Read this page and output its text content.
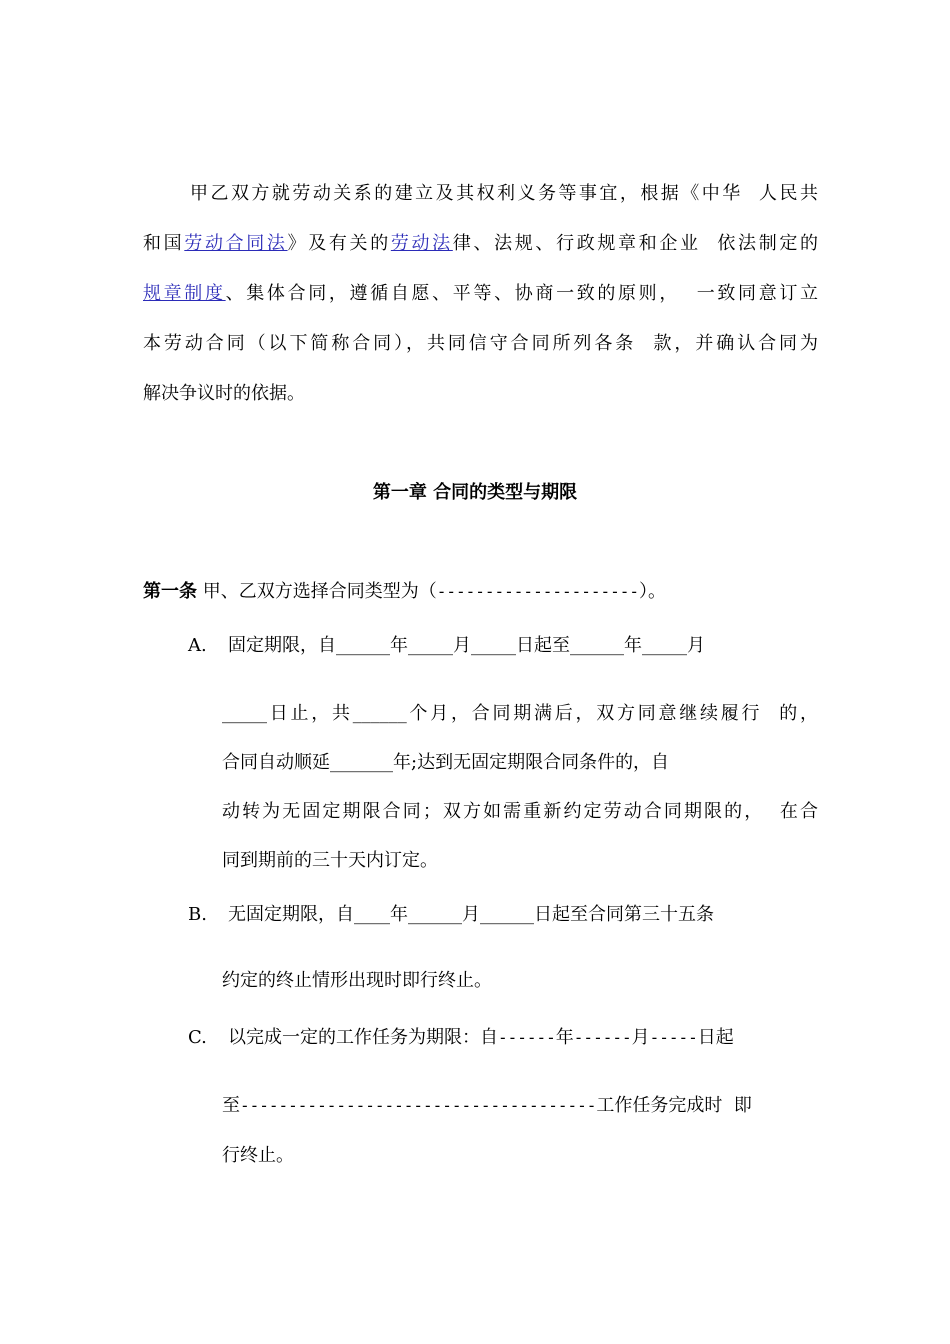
甲乙双方就劳动关系的建立及其权利义务等事宜，根据《中华  人民共
和国劳动合同法》及有关的劳动法律、法规、行政规章和企业  依法制定的
规章制度、集体合同，遵循自愿、平等、协商一致的原则，  一致同意订立
本劳动合同（以下简称合同），共同信守合同所列各条  款，并确认合同为
解决争议时的依据。
第一章 合同的类型与期限
第一条 甲、乙双方选择合同类型为（---------------------）。
A. 固定期限，自______年_____月_____日起至______年_____月
_____日止，共______个月，合同期满后，双方同意继续履行  的，
合同自动顺延_______年;达到无固定期限合同条件的，自
动转为无固定期限合同；双方如需重新约定劳动合同期限的，  在合
同到期前的三十天内订定。
B. 无固定期限，自____年______月______日起至合同第三十五条
约定的终止情形出现时即行终止。
C. 以完成一定的工作任务为期限：自------年------月-----日起
至-------------------------------------工作任务完成时  即
行终止。
